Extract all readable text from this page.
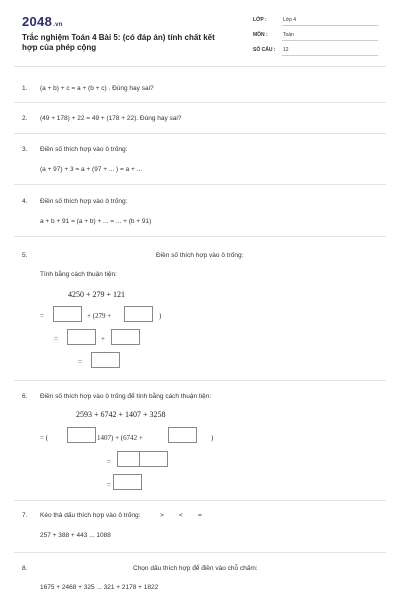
2048.vn
Trắc nghiệm Toán 4 Bài 5: (có đáp án) tính chất kết hợp của phép cộng
LỚP :	Lớp 4
MÔN :	Toán
SỐ CÂU : 12
1. (a + b) + c = a + (b + c) . Đúng hay sai?
2. (49 + 178) + 22 = 49 + (178 + 22). Đúng hay sai?
3. Điền số thích hợp vào ô trống:
(a + 97) + 3 = a + (97 + ... ) = a + ...
4. Điền số thích hợp vào ô trống:
a + b + 91 = (a + b) + ... = ... + (b + 91)
5.	Điền số thích hợp vào ô trống:
Tính bằng cách thuận tiện:
4250 + 279 + 121
=	+ (279 +	)
=	+
=
6. Điền số thích hợp vào ô trống để tính bằng cách thuận tiện:
2593 + 6742 + 1407 + 3258
= (	1407) + (6742 +	)
=
=
7. Kéo thả dấu thích hợp vào ô trống:	> < =
257 + 388 + 443 ... 1088
8.	Chọn dấu thích hợp để điền vào chỗ chấm:
1675 + 2468 + 325 ... 321 + 2178 + 1822
